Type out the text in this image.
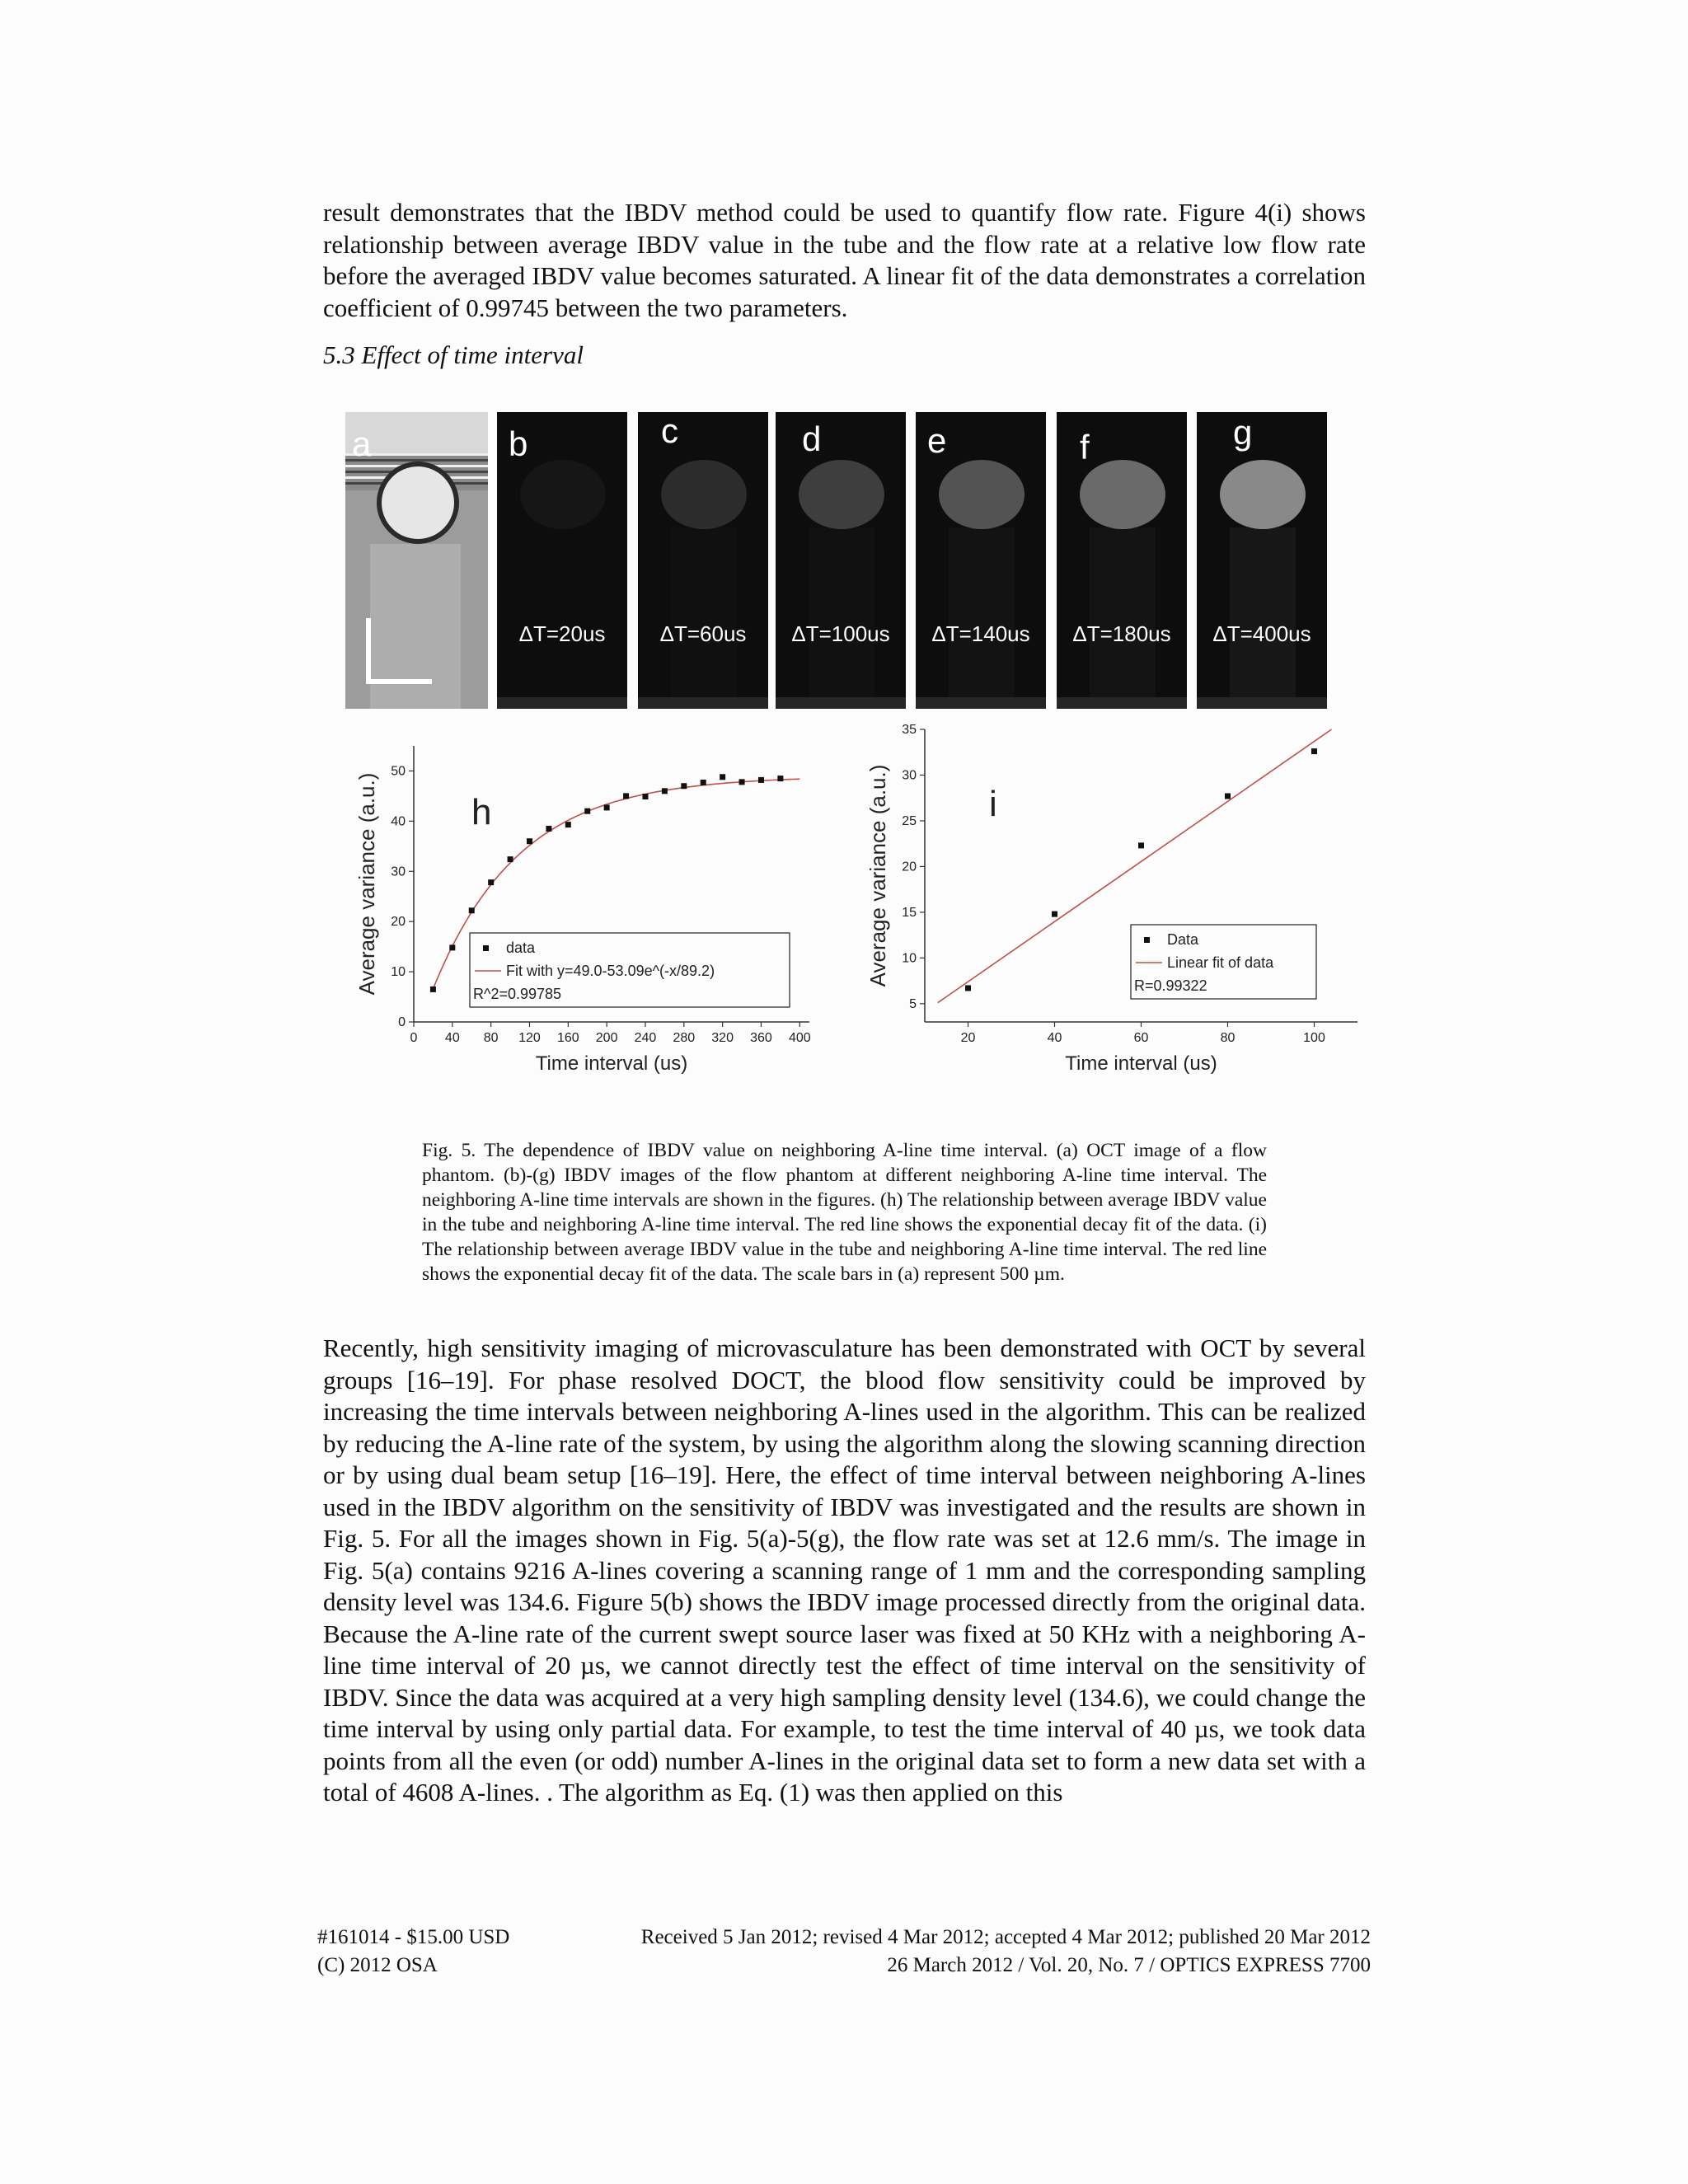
result demonstrates that the IBDV method could be used to quantify flow rate. Figure 4(i) shows relationship between average IBDV value in the tube and the flow rate at a relative low flow rate before the averaged IBDV value becomes saturated. A linear fit of the data demonstrates a correlation coefficient of 0.99745 between the two parameters.

5.3 Effect of time interval

a	b
ΔT=20us
c
ΔT=60us
d
ΔT=100us
e
ΔT=140us
f
ΔT=180us
g
ΔT=400us
0 40 80 120 160 200 240 280 320 360 400
0
10
20
30
40
50
Time interval (us)
Average variance (a.u.)	h
data
Fit with y=49.0-53.09e^(-x/89.2)
R^2=0.99785
20	40	60	80	100
5
10
15
20
25
30
35
Time interval (us)
Average variance (a.u.)	i
Data
Linear fit of data
R=0.99322

Fig. 5. The dependence of IBDV value on neighboring A-line time interval. (a) OCT image of a flow phantom. (b)-(g) IBDV images of the flow phantom at different neighboring A-line time interval. The neighboring A-line time intervals are shown in the figures. (h) The relationship between average IBDV value in the tube and neighboring A-line time interval. The red line shows the exponential decay fit of the data. (i) The relationship between average IBDV value in the tube and neighboring A-line time interval. The red line shows the exponential decay fit of the data. The scale bars in (a) represent 500 µm.

Recently, high sensitivity imaging of microvasculature has been demonstrated with OCT by several groups [16–19]. For phase resolved DOCT, the blood flow sensitivity could be improved by increasing the time intervals between neighboring A-lines used in the algorithm. This can be realized by reducing the A-line rate of the system, by using the algorithm along the slowing scanning direction or by using dual beam setup [16–19]. Here, the effect of time interval between neighboring A-lines used in the IBDV algorithm on the sensitivity of IBDV was investigated and the results are shown in Fig. 5. For all the images shown in Fig. 5(a)-5(g), the flow rate was set at 12.6 mm/s. The image in Fig. 5(a) contains 9216 A-lines covering a scanning range of 1 mm and the corresponding sampling density level was 134.6. Figure 5(b) shows the IBDV image processed directly from the original data. Because the A-line rate of the current swept source laser was fixed at 50 KHz with a neighboring A-line time interval of 20 µs, we cannot directly test the effect of time interval on the sensitivity of IBDV. Since the data was acquired at a very high sampling density level (134.6), we could change the time interval by using only partial data. For example, to test the time interval of 40 µs, we took data points from all the even (or odd) number A-lines in the original data set to form a new data set with a total of 4608 A-lines. . The algorithm as Eq. (1) was then applied on this

#161014 - $15.00 USD
(C) 2012 OSA
Received 5 Jan 2012; revised 4 Mar 2012; accepted 4 Mar 2012; published 20 Mar 2012
26 March 2012 / Vol. 20, No. 7 / OPTICS EXPRESS 7700
